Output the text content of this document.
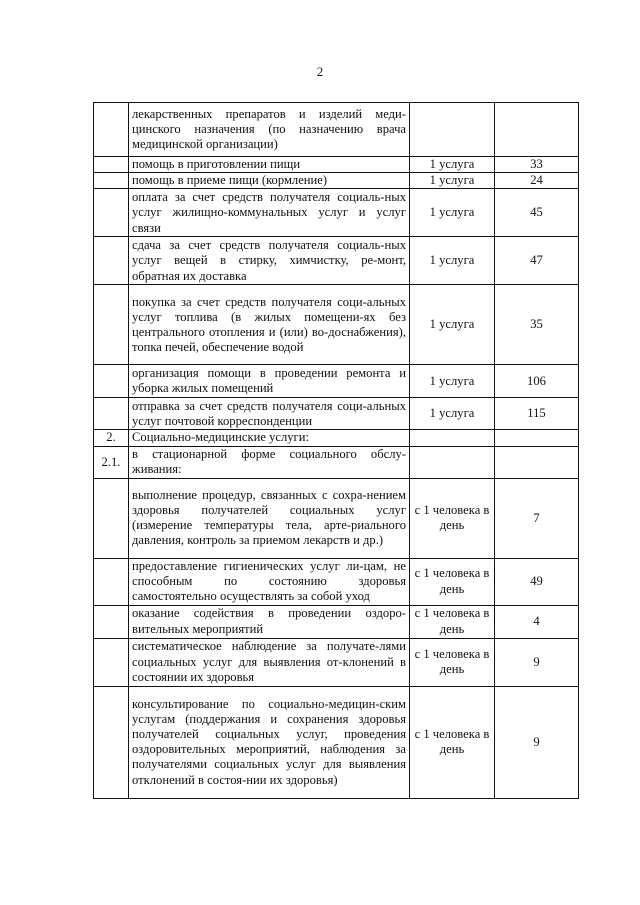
2
	лекарственных препаратов и изделий меди-цинского назначения (по назначению врача медицинской организации)		
	помощь в приготовлении пищи	1 услуга	33
	помощь в приеме пищи (кормление)	1 услуга	24
	оплата за счет средств получателя социаль-ных услуг жилищно-коммунальных услуг и услуг связи	1 услуга	45
	сдача за счет средств получателя социаль-ных услуг вещей в стирку, химчистку, ре-монт, обратная их доставка	1 услуга	47
	покупка за счет средств получателя соци-альных услуг топлива (в жилых помещени-ях без центрального отопления и (или) во-доснабжения), топка печей, обеспечение водой	1 услуга	35
	организация помощи в проведении ремонта и уборка жилых помещений	1 услуга	106
	отправка за счет средств получателя соци-альных услуг почтовой корреспонденции	1 услуга	115
2.	Социально-медицинские услуги:		
2.1.	в стационарной форме социального обслу-живания:		
	выполнение процедур, связанных с сохра-нением здоровья получателей социальных услуг (измерение температуры тела, арте-риального давления, контроль за приемом лекарств и др.)	с 1 человека в день	7
	предоставление гигиенических услуг ли-цам, не способным по состоянию здоровья самостоятельно осуществлять за собой уход	с 1 человека в день	49
	оказание содействия в проведении оздоро-вительных мероприятий	с 1 человека в день	4
	систематическое наблюдение за получате-лями социальных услуг для выявления от-клонений в состоянии их здоровья	с 1 человека в день	9
	консультирование по социально-медицин-ским услугам (поддержания и сохранения здоровья получателей социальных услуг, проведения оздоровительных мероприятий, наблюдения за получателями социальных услуг для выявления отклонений в состоя-нии их здоровья)	с 1 человека в день	9
